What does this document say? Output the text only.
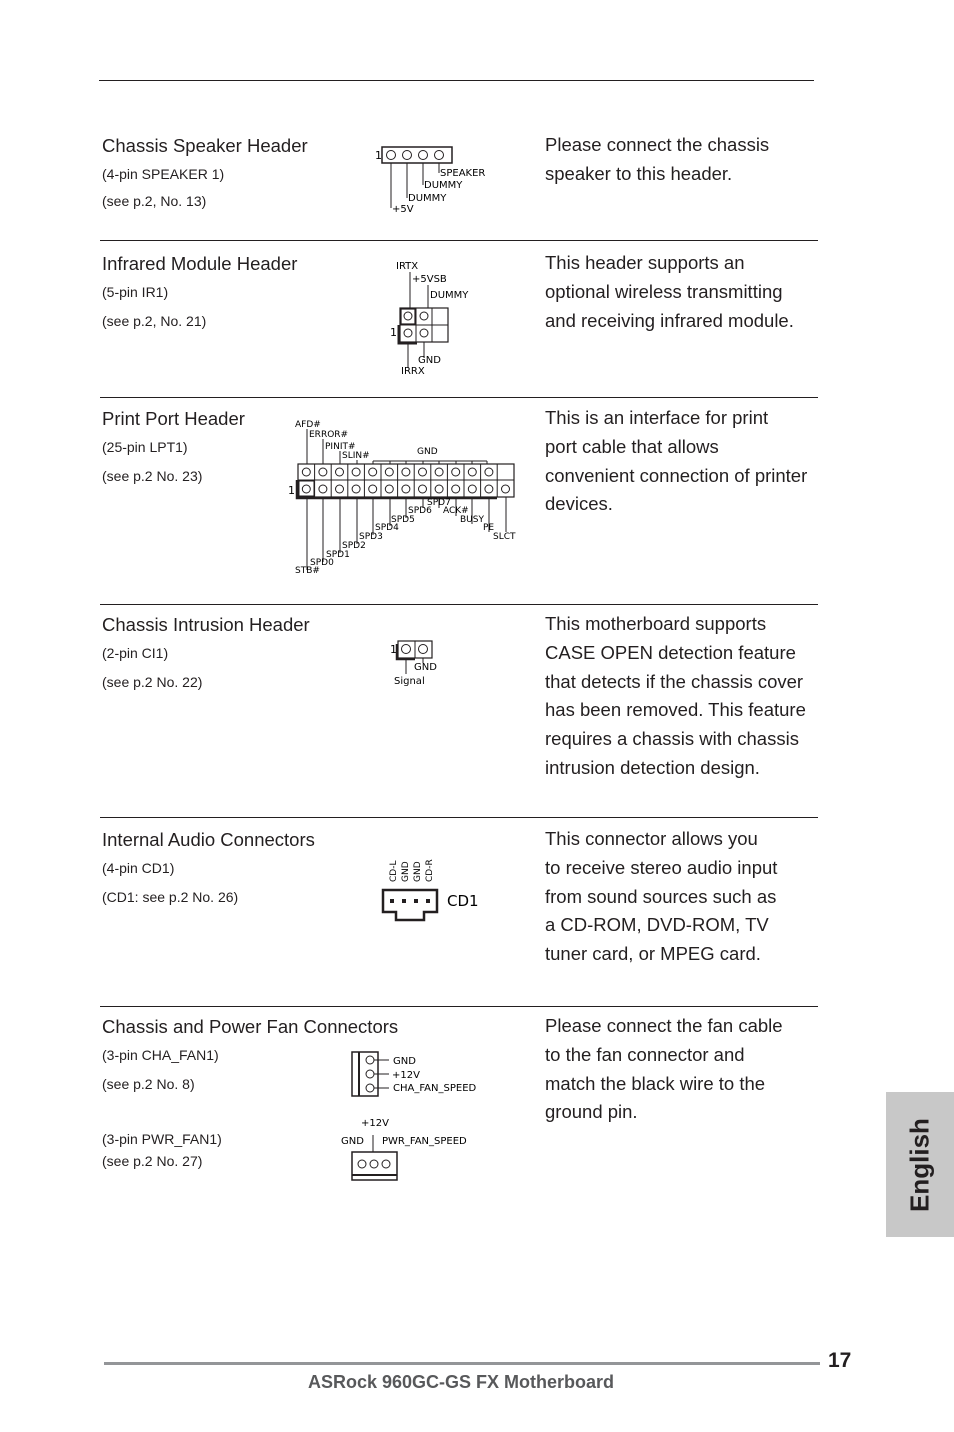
Chassis Speaker Header
(4-pin SPEAKER 1)
(see p.2, No. 13)
Please connect the chassis
speaker to this header.
1
SPEAKER
DUMMY
DUMMY
+5V
Infrared Module Header
(5-pin IR1)
(see p.2, No. 21)
This header supports an
optional wireless transmitting
and receiving infrared module.
IRTX
+5VSB
DUMMY
1
GND
IRRX
Print Port Header
(25-pin LPT1)
(see p.2 No. 23)
This is an interface for print
port cable that allows
convenient connection of printer
devices.
AFD#
ERROR#
PINIT#
SLIN#	GND
1
SPD7
SPD6 ACK#
SPD5	BUSY
SPD4	PE
SPD3	SLCT
SPD2
SPD1
SPD0
STB#
Chassis Intrusion Header
(2-pin CI1)
(see p.2 No. 22)
This motherboard supports
CASE OPEN detection feature
that detects if the chassis cover
has been removed. This feature
requires a chassis with chassis
intrusion detection design.
1
GND
Signal
Internal Audio Connectors
(4-pin CD1)
(CD1: see p.2 No. 26)
This connector allows you
to receive stereo audio input
from sound sources such as
a CD-ROM, DVD-ROM, TV
tuner card, or MPEG card.
CD-L GND GND CD-R
CD1
Chassis and Power Fan Connectors
(3-pin CHA_FAN1)
(see p.2 No. 8)
(3-pin PWR_FAN1)
(see p.2 No. 27)
Please connect the fan cable
to the fan connector and
match the black wire to the
ground pin.
GND
+12V
CHA_FAN_SPEED
+12V
GND PWR_FAN_SPEED	English
17
ASRock 960GC-GS FX Motherboard
